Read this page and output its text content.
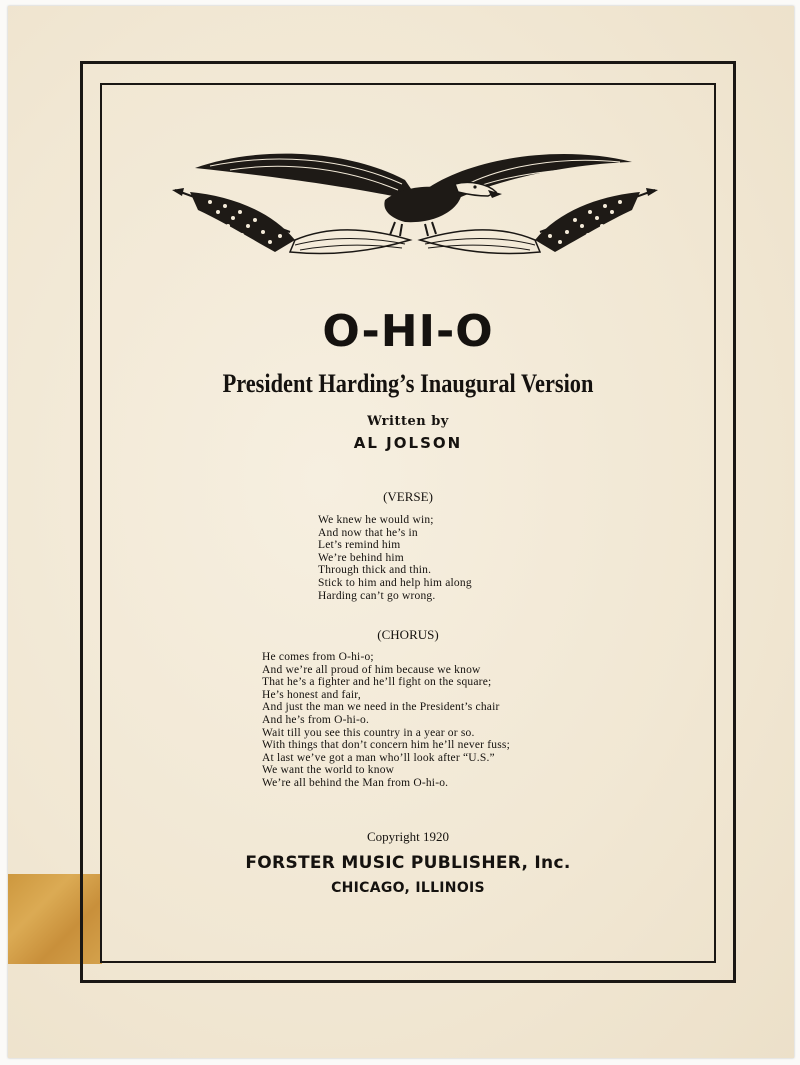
O-HI-O
President Harding’s Inaugural Version
Written by
AL JOLSON
(VERSE)
We knew he would win;
And now that he’s in
Let’s remind him
We’re behind him
Through thick and thin.
Stick to him and help him along
Harding can’t go wrong.
(CHORUS)
He comes from O-hi-o;
And we’re all proud of him because we know
That he’s a fighter and he’ll fight on the square;
He’s honest and fair,
And just the man we need in the President’s chair
And he’s from O-hi-o.
Wait till you see this country in a year or so.
With things that don’t concern him he’ll never fuss;
At last we’ve got a man who’ll look after “U.S.”
We want the world to know
We’re all behind the Man from O-hi-o.
Copyright 1920
FORSTER MUSIC PUBLISHER, Inc.
CHICAGO, ILLINOIS
